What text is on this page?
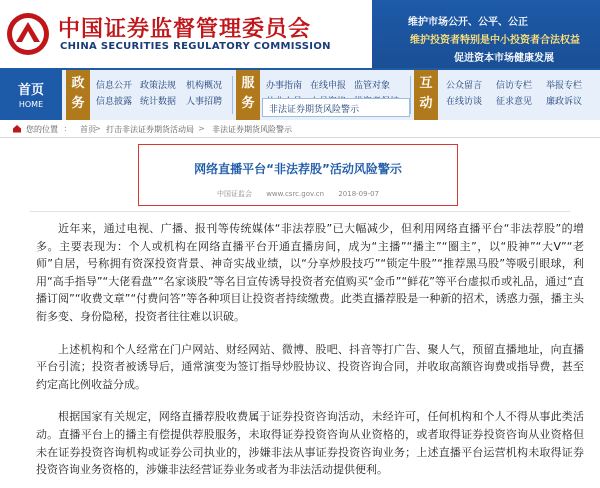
中国证券监督管理委员会
CHINA SECURITIES REGULATORY COMMISSION
维护市场公开、公平、公正
维护投资者特别是中小投资者合法权益
促进资本市场健康发展
首页
HOME
政务
信息公开 政策法规 机构概况
信息披露 统计数据 人事招聘
服务
办事指南 在线申报 监管对象	互动
公众留言 信访专栏 举报专栏
在线访谈 征求意见 廉政诉议
非法证券期货风险警示
您的位置 : 首页
> 打击非法证券期货活动局 > 非法证券期货风险警示
网络直播平台“非法荐股”活动风险警示
中国证监会 www.csrc.gov.cn 2018-09-07

近年来，通过电视、广播、报刊等传统媒体“非法荐股”已大幅减少，但利用网络直播平台“非法荐股”的增多。主要表现为：个人或机构在网络直播平台开通直播房间，成为“主播”“播主”“圈主”，以“股神”“大V”“老师”自居，号称拥有资深投资背景、神奇实战业绩，以“分享炒股技巧”“锁定牛股”“推荐黑马股”等吸引眼球，利用“高手指导”“大佬看盘”“名家谈股”等名目宣传诱导投资者充值购买“金币”“鲜花”等平台虚拟币或礼品，通过“直播订阅”“收费文章”“付费问答”等各种项目让投资者持续缴费。此类直播荐股是一种新的招术，诱惑力强，播主头衔多变、身份隐秘，投资者往往难以识破。

上述机构和个人经常在门户网站、财经网站、微博、股吧、抖音等打广告、聚人气，预留直播地址，向直播平台引流；投资者被诱导后，通常演变为签订指导炒股协议、投资咨询合同，并收取高额咨询费或指导费，甚至约定高比例收益分成。

根据国家有关规定，网络直播荐股收费属于证券投资咨询活动，未经许可，任何机构和个人不得从事此类活动。直播平台上的播主有偿提供荐股服务，未取得证券投资咨询从业资格的，或者取得证券投资咨询从业资格但未在证券投资咨询机构或证券公司执业的，涉嫌非法从事证券投资咨询业务；上述直播平台运营机构未取得证券投资咨询业务资格的，涉嫌非法经营证券业务或者为非法活动提供便利。
